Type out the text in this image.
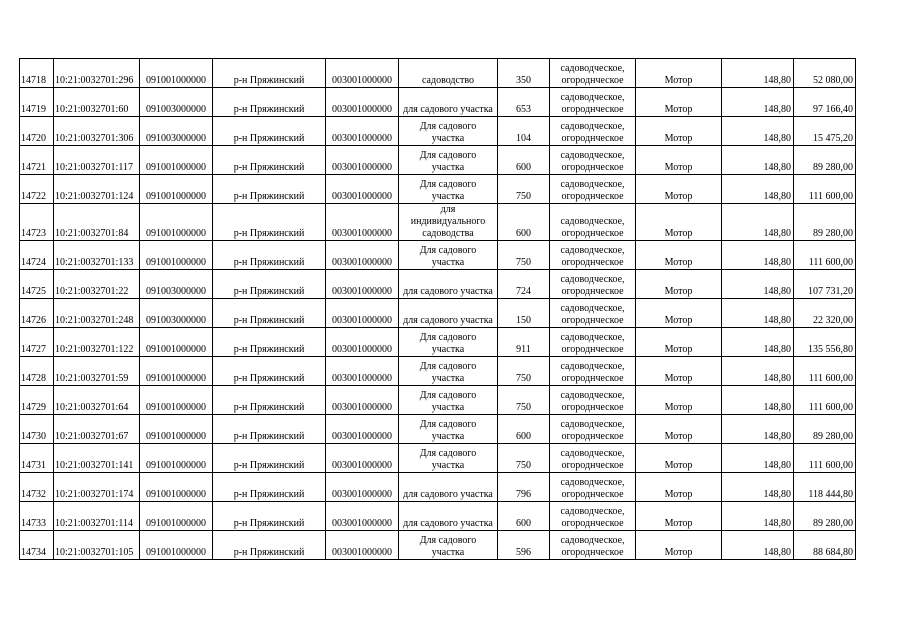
14718	10:21:0032701:296	091001000000	р-н Пряжинский	003001000000	садоводство	350	садоводческое,
огороднческое	Мотор	148,80	52 080,00
14719	10:21:0032701:60	091003000000	р-н Пряжинский	003001000000	для садового участка	653	садоводческое,
огороднческое	Мотор	148,80	97 166,40
14720	10:21:0032701:306	091003000000	р-н Пряжинский	003001000000	Для садового
участка	104	садоводческое,
огороднческое	Мотор	148,80	15 475,20
14721	10:21:0032701:117	091001000000	р-н Пряжинский	003001000000	Для садового
участка	600	садоводческое,
огороднческое	Мотор	148,80	89 280,00
14722	10:21:0032701:124	091001000000	р-н Пряжинский	003001000000	Для садового
участка	750	садоводческое,
огороднческое	Мотор	148,80	111 600,00
14723	10:21:0032701:84	091001000000	р-н Пряжинский	003001000000	для
индивидуального
садоводства	600	садоводческое,
огороднческое	Мотор	148,80	89 280,00
14724	10:21:0032701:133	091001000000	р-н Пряжинский	003001000000	Для садового
участка	750	садоводческое,
огороднческое	Мотор	148,80	111 600,00
14725	10:21:0032701:22	091003000000	р-н Пряжинский	003001000000	для садового участка	724	садоводческое,
огороднческое	Мотор	148,80	107 731,20
14726	10:21:0032701:248	091003000000	р-н Пряжинский	003001000000	для садового участка	150	садоводческое,
огороднческое	Мотор	148,80	22 320,00
14727	10:21:0032701:122	091001000000	р-н Пряжинский	003001000000	Для садового
участка	911	садоводческое,
огороднческое	Мотор	148,80	135 556,80
14728	10:21:0032701:59	091001000000	р-н Пряжинский	003001000000	Для садового
участка	750	садоводческое,
огороднческое	Мотор	148,80	111 600,00
14729	10:21:0032701:64	091001000000	р-н Пряжинский	003001000000	Для садового
участка	750	садоводческое,
огороднческое	Мотор	148,80	111 600,00
14730	10:21:0032701:67	091001000000	р-н Пряжинский	003001000000	Для садового
участка	600	садоводческое,
огороднческое	Мотор	148,80	89 280,00
14731	10:21:0032701:141	091001000000	р-н Пряжинский	003001000000	Для садового
участка	750	садоводческое,
огороднческое	Мотор	148,80	111 600,00
14732	10:21:0032701:174	091001000000	р-н Пряжинский	003001000000	для садового участка	796	садоводческое,
огороднческое	Мотор	148,80	118 444,80
14733	10:21:0032701:114	091001000000	р-н Пряжинский	003001000000	для садового участка	600	садоводческое,
огороднческое	Мотор	148,80	89 280,00
14734	10:21:0032701:105	091001000000	р-н Пряжинский	003001000000	Для садового
участка	596	садоводческое,
огороднческое	Мотор	148,80	88 684,80
